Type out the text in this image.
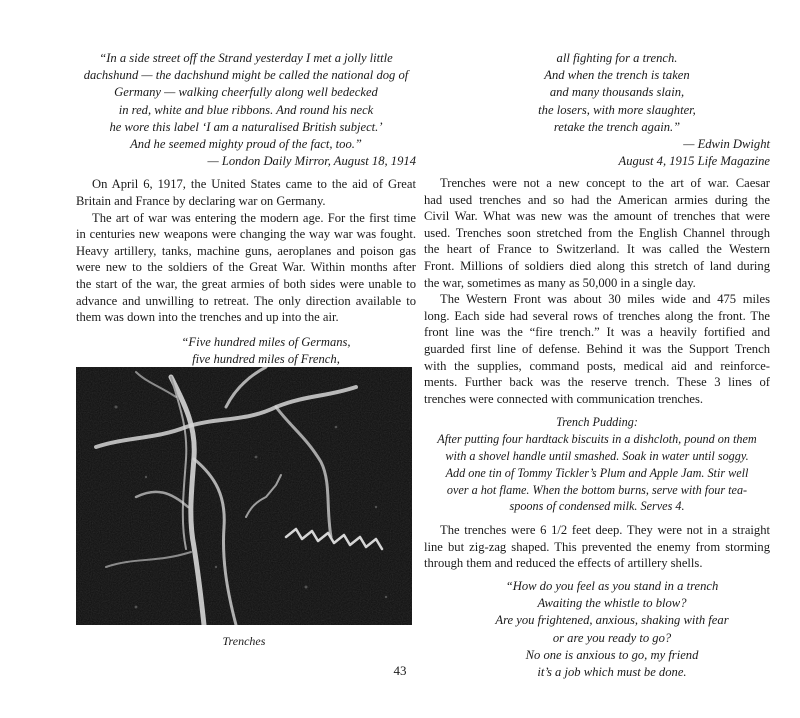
“In a side street off the Strand yesterday I met a jolly little
dachshund — the dachshund might be called the national dog of
Germany — walking cheerfully along well bedecked
in red, white and blue ribbons. And round his neck
he wore this label ‘I am a naturalised British subject.’
And he seemed mighty proud of the fact, too.”
— London Daily Mirror, August 18, 1914

On April 6, 1917, the United States came to the aid of Great
Britain and France by declaring war on Germany.

The art of war was entering the modern age. For the first time
in centuries new weapons were changing the way war was fought.
Heavy artillery, tanks, machine guns, aeroplanes and poison gas
were new to the soldiers of the Great War. Within months after
the start of the war, the great armies of both sides were unable to
advance and unwilling to retreat. The only direction available to
them was down into the trenches and up into the air.

“Five hundred miles of Germans,
five hundred miles of French,
Trenches
all fighting for a trench.
And when the trench is taken
and many thousands slain,
the losers, with more slaughter,
retake the trench again.”
— Edwin Dwight
August 4, 1915 Life Magazine

Trenches were not a new concept to the art of war. Caesar
had used trenches and so had the American armies during the
Civil War. What was new was the amount of trenches that were
used. Trenches soon stretched from the English Channel through
the heart of France to Switzerland. It was called the Western
Front. Millions of soldiers died along this stretch of land during
the war, sometimes as many as 50,000 in a single day.

The Western Front was about 30 miles wide and 475 miles
long. Each side had several rows of trenches along the front. The
front line was the “fire trench.” It was a heavily fortified and
guarded first line of defense. Behind it was the Support Trench
with the supplies, command posts, medical aid and reinforce-
ments. Further back was the reserve trench. These 3 lines of
trenches were connected with communication trenches.

Trench Pudding:
After putting four hardtack biscuits in a dishcloth, pound on them
with a shovel handle until smashed. Soak in water until soggy.
Add one tin of Tommy Tickler’s Plum and Apple Jam. Stir well
over a hot flame. When the bottom burns, serve with four tea-
spoons of condensed milk. Serves 4.

The trenches were 6 1/2 feet deep. They were not in a straight
line but zig-zag shaped. This prevented the enemy from storming
through them and reduced the effects of artillery shells.

“How do you feel as you stand in a trench
Awaiting the whistle to blow?
Are you frightened, anxious, shaking with fear
or are you ready to go?
No one is anxious to go, my friend
it’s a job which must be done.
43
